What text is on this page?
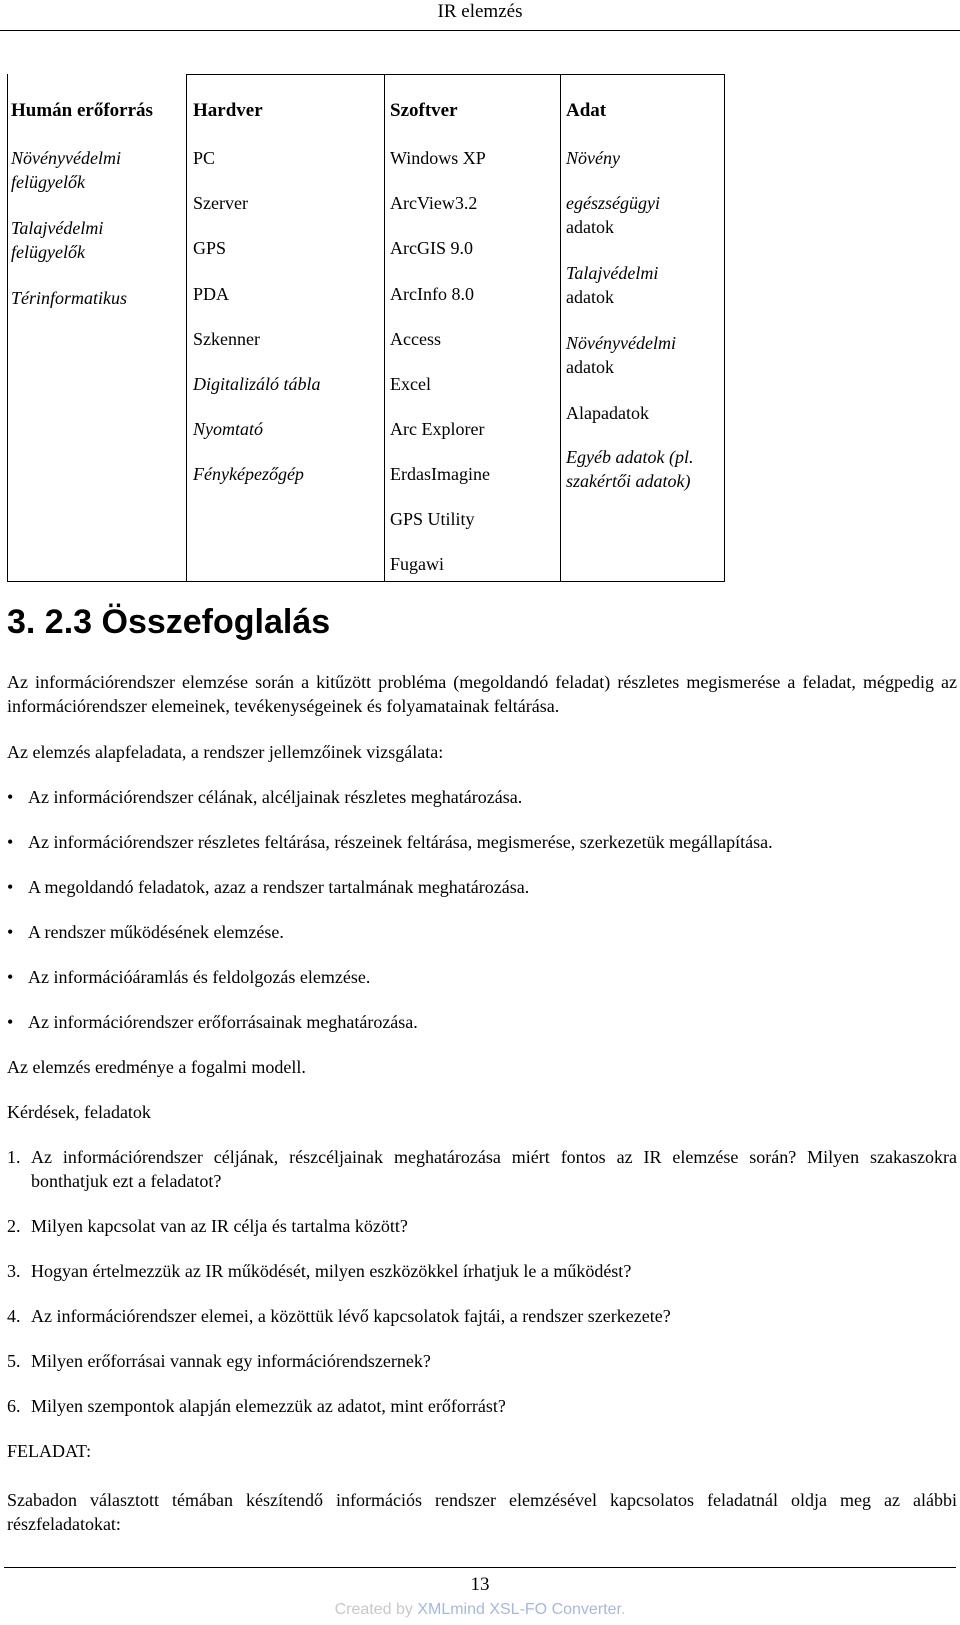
IR elemzés
Humán erőforrás Hardver	Szoftver	Adat
Növényvédelmi
felügyelők
Talajvédelmi
felügyelők
Térinformatikus
PC
Szerver
GPS
PDA
Szkenner
Digitalizáló tábla
Nyomtató
Fényképezőgép
Windows XP
ArcView3.2
ArcGIS 9.0
ArcInfo 8.0
Access
Excel
Arc Explorer
ErdasImagine
GPS Utility
Fugawi
Növény
egészségügyi
adatok
Talajvédelmi
adatok
Növényvédelmi
adatok
Alapadatok
Egyéb adatok (pl.
szakértői adatok)
3. 2.3 Összefoglalás
Az információrendszer elemzése során a kitűzött probléma (megoldandó feladat) részletes megismerése a feladat, mégpedig az információrendszer elemeinek, tevékenységeinek és folyamatainak feltárása.
Az elemzés alapfeladata, a rendszer jellemzőinek vizsgálata:
• Az információrendszer célának, alcéljainak részletes meghatározása.
• Az információrendszer részletes feltárása, részeinek feltárása, megismerése, szerkezetük megállapítása.
• A megoldandó feladatok, azaz a rendszer tartalmának meghatározása.
• A rendszer működésének elemzése.
• Az információáramlás és feldolgozás elemzése.
• Az információrendszer erőforrásainak meghatározása.
Az elemzés eredménye a fogalmi modell.
Kérdések, feladatok
1. Az információrendszer céljának, részcéljainak meghatározása miért fontos az IR elemzése során? Milyen szakaszokra bonthatjuk ezt a feladatot?
2. Milyen kapcsolat van az IR célja és tartalma között?
3. Hogyan értelmezzük az IR működését, milyen eszközökkel írhatjuk le a működést?
4. Az információrendszer elemei, a közöttük lévő kapcsolatok fajtái, a rendszer szerkezete?
5. Milyen erőforrásai vannak egy információrendszernek?
6. Milyen szempontok alapján elemezzük az adatot, mint erőforrást?
FELADAT:
Szabadon választott témában készítendő információs rendszer elemzésével kapcsolatos feladatnál oldja meg az alábbi részfeladatokat:
13
Created by XMLmind XSL-FO Converter.
